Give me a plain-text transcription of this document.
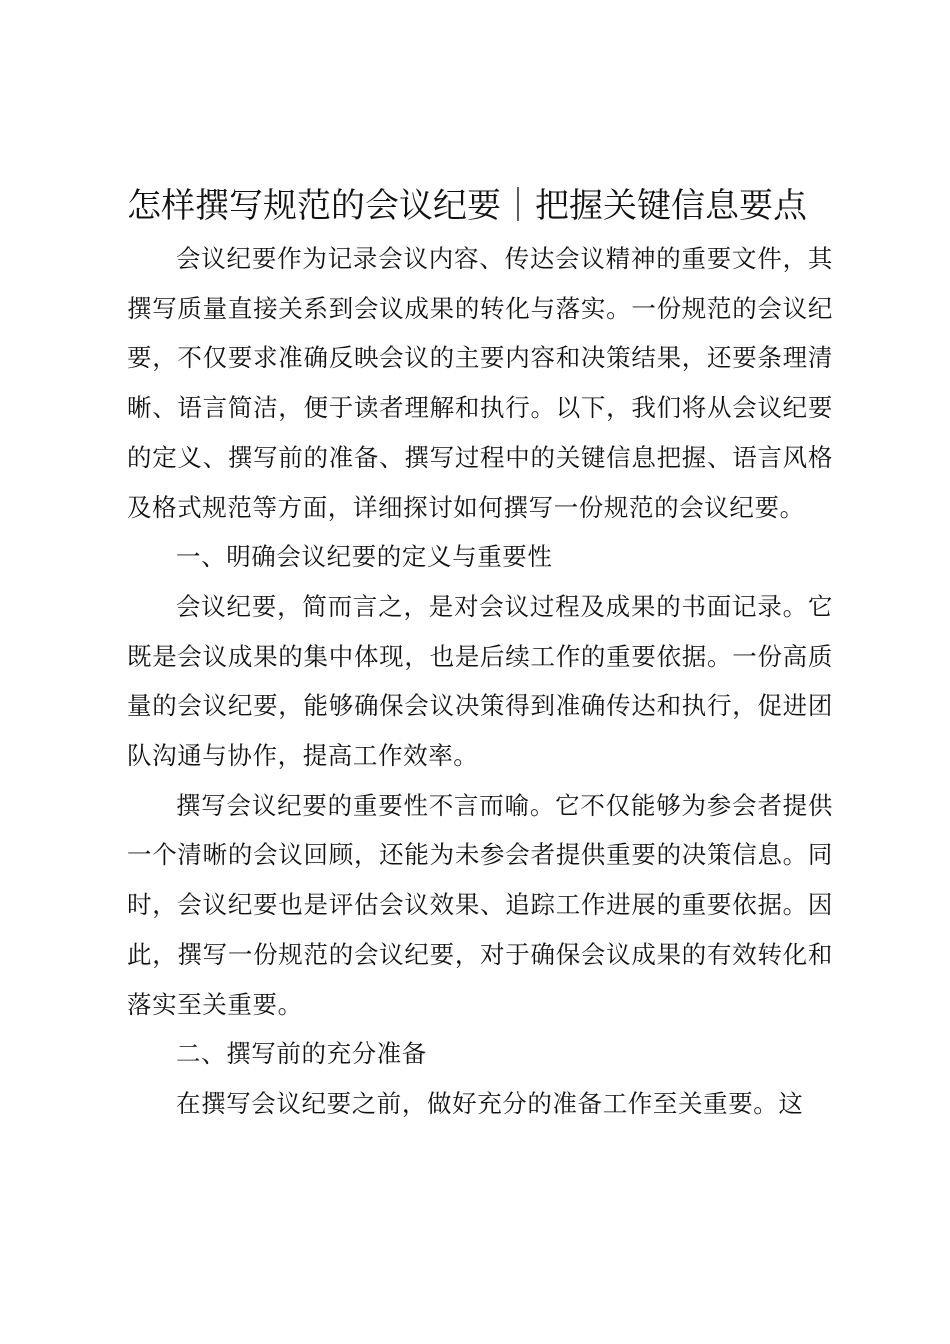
怎样撰写规范的会议纪要｜把握关键信息要点

会议纪要作为记录会议内容、传达会议精神的重要文件，其撰写质量直接关系到会议成果的转化与落实。一份规范的会议纪要，不仅要求准确反映会议的主要内容和决策结果，还要条理清晰、语言简洁，便于读者理解和执行。以下，我们将从会议纪要的定义、撰写前的准备、撰写过程中的关键信息把握、语言风格及格式规范等方面，详细探讨如何撰写一份规范的会议纪要。

一、明确会议纪要的定义与重要性

会议纪要，简而言之，是对会议过程及成果的书面记录。它既是会议成果的集中体现，也是后续工作的重要依据。一份高质量的会议纪要，能够确保会议决策得到准确传达和执行，促进团队沟通与协作，提高工作效率。

撰写会议纪要的重要性不言而喻。它不仅能够为参会者提供一个清晰的会议回顾，还能为未参会者提供重要的决策信息。同时，会议纪要也是评估会议效果、追踪工作进展的重要依据。因此，撰写一份规范的会议纪要，对于确保会议成果的有效转化和落实至关重要。

二、撰写前的充分准备

在撰写会议纪要之前，做好充分的准备工作至关重要。这
